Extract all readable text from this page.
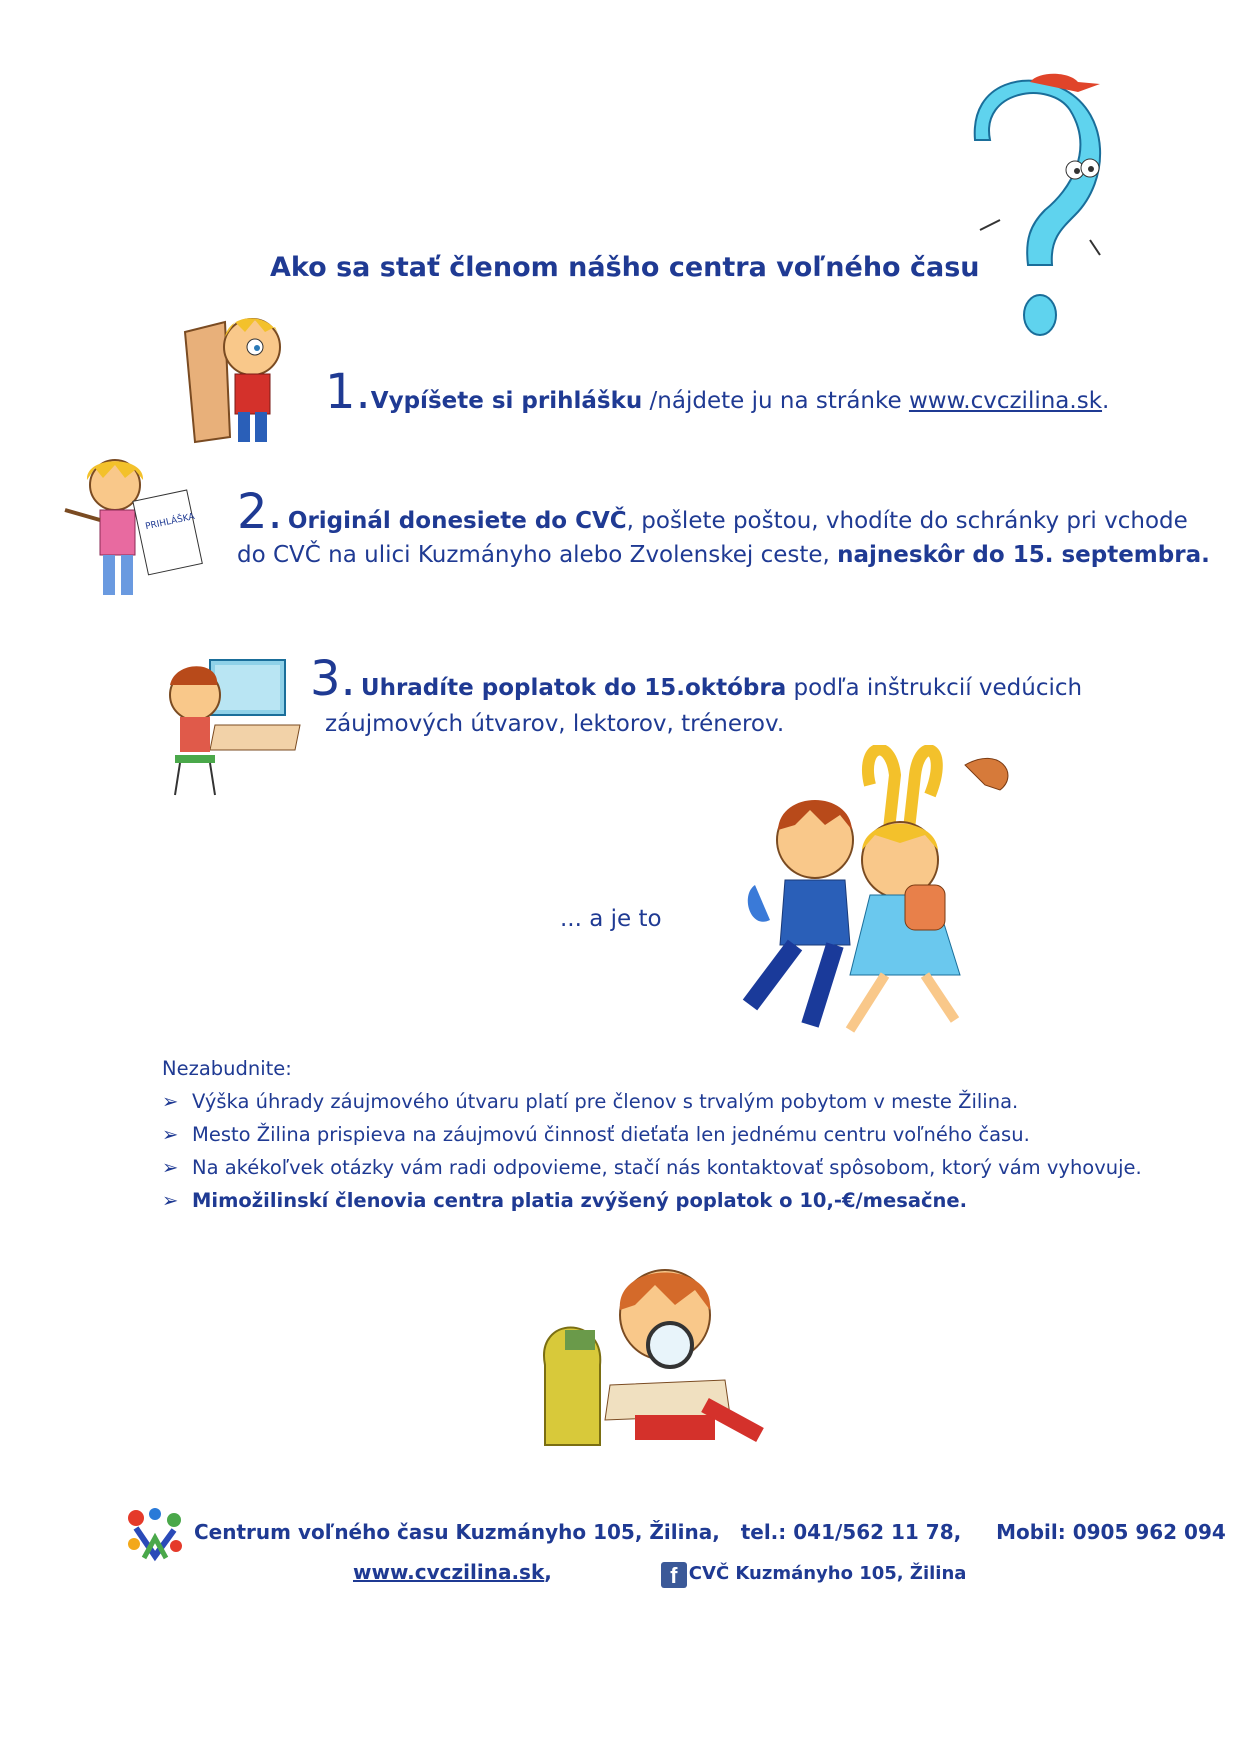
Ako sa stať členom nášho centra voľného času
1.Vypíšete si prihlášku /nájdete ju na stránke www.cvczilina.sk.
PRIHLÁŠKA 2. Originál donesiete do CVČ, pošlete poštou, vhodíte do schránky pri vchode
do CVČ na ulici Kuzmányho alebo Zvolenskej ceste, najneskôr do 15. septembra.
3. Uhradíte poplatok do 15.októbra podľa inštrukcií vedúcich
záujmových útvarov, lektorov, trénerov.
... a je to
Nezabudnite:
➢ Výška úhrady záujmového útvaru platí pre členov s trvalým pobytom v meste Žilina.
➢ Mesto Žilina prispieva na záujmovú činnosť dieťaťa len jednému centru voľného času.
➢ Na akékoľvek otázky vám radi odpovieme, stačí nás kontaktovať spôsobom, ktorý vám vyhovuje.
➢ Mimožilinskí členovia centra platia zvýšený poplatok o 10,-€/mesačne.
Centrum voľného času Kuzmányho 105, Žilina, tel.: 041/562 11 78, Mobil: 0905 962 094
www.cvczilina.sk,	f CVČ Kuzmányho 105, Žilina
